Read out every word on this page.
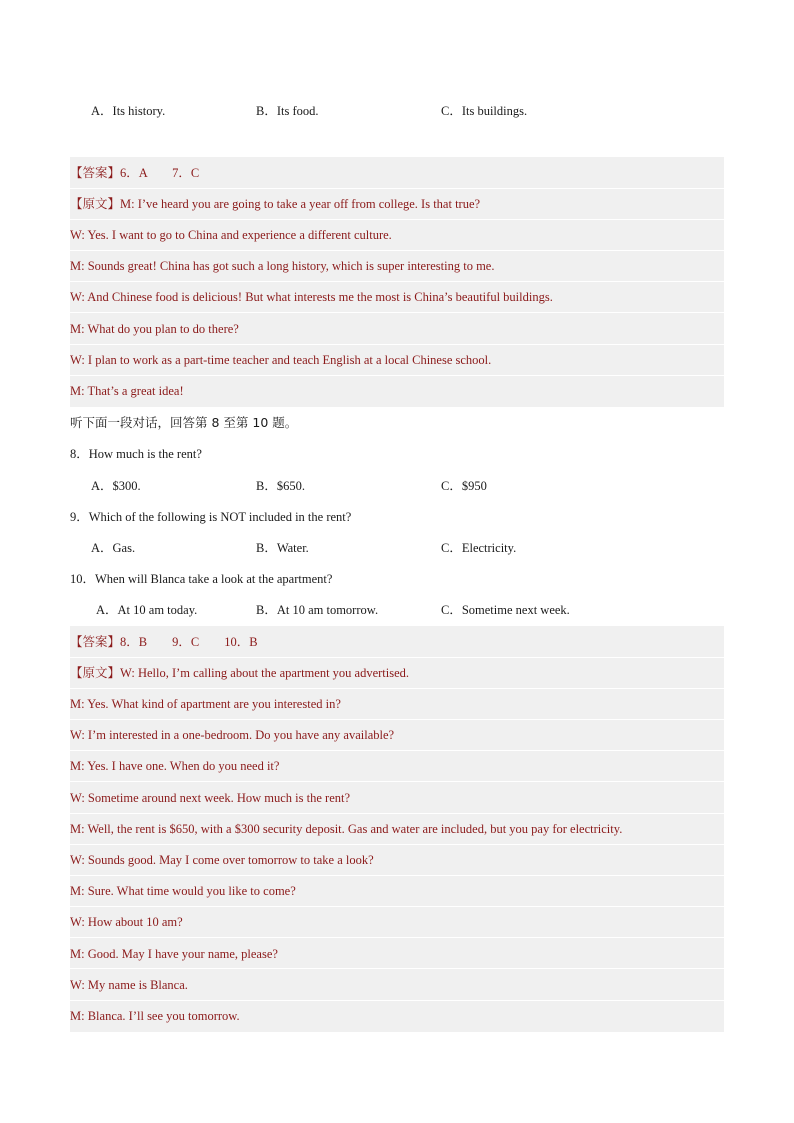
A．Its history.	B．Its food.	C．Its buildings.
【答案】6．A　　7．C
【原文】M: I’ve heard you are going to take a year off from college. Is that true?
W: Yes. I want to go to China and experience a different culture.
M: Sounds great! China has got such a long history, which is super interesting to me.
W: And Chinese food is delicious! But what interests me the most is China’s beautiful buildings.
M: What do you plan to do there?
W: I plan to work as a part-time teacher and teach English at a local Chinese school.
M: That’s a great idea!
听下面一段对话，回答第 8 至第 10 题。
8．How much is the rent?
A．$300.	B．$650.	C．$950
9．Which of the following is NOT included in the rent?
A．Gas.	B．Water.	C．Electricity.
10．When will Blanca take a look at the apartment?
A．At 10 am today.	B．At 10 am tomorrow.	C．Sometime next week.
【答案】8．B　　9．C　　10．B
【原文】W: Hello, I’m calling about the apartment you advertised.
M: Yes. What kind of apartment are you interested in?
W: I’m interested in a one-bedroom. Do you have any available?
M: Yes. I have one. When do you need it?
W: Sometime around next week. How much is the rent?
M: Well, the rent is $650, with a $300 security deposit. Gas and water are included, but you pay for electricity.
W: Sounds good. May I come over tomorrow to take a look?
M: Sure. What time would you like to come?
W: How about 10 am?
M: Good. May I have your name, please?
W: My name is Blanca.
M: Blanca. I’ll see you tomorrow.
